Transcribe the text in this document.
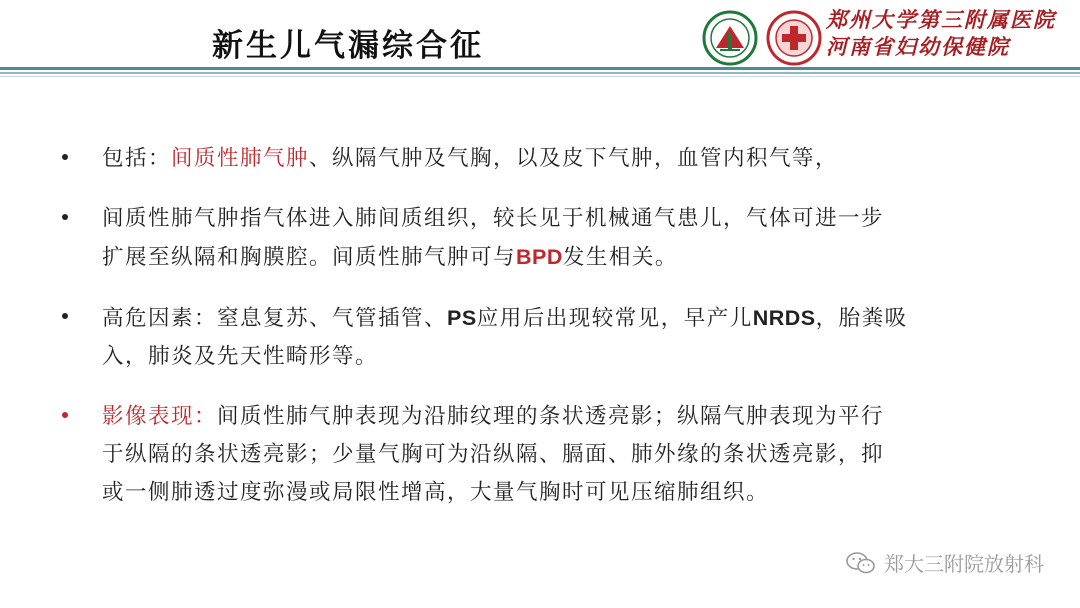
新生儿气漏综合征
郑州大学第三附属医院
河南省妇幼保健院
包括：间质性肺气肿、纵隔气肿及气胸，以及皮下气肿，血管内积气等，
间质性肺气肿指气体进入肺间质组织，较长见于机械通气患儿，气体可进一步
扩展至纵隔和胸膜腔。间质性肺气肿可与BPD发生相关。
高危因素：窒息复苏、气管插管、PS应用后出现较常见，早产儿NRDS，胎粪吸
入，肺炎及先天性畸形等。
影像表现：间质性肺气肿表现为沿肺纹理的条状透亮影；纵隔气肿表现为平行
于纵隔的条状透亮影；少量气胸可为沿纵隔、膈面、肺外缘的条状透亮影，抑
或一侧肺透过度弥漫或局限性增高，大量气胸时可见压缩肺组织。
郑大三附院放射科
